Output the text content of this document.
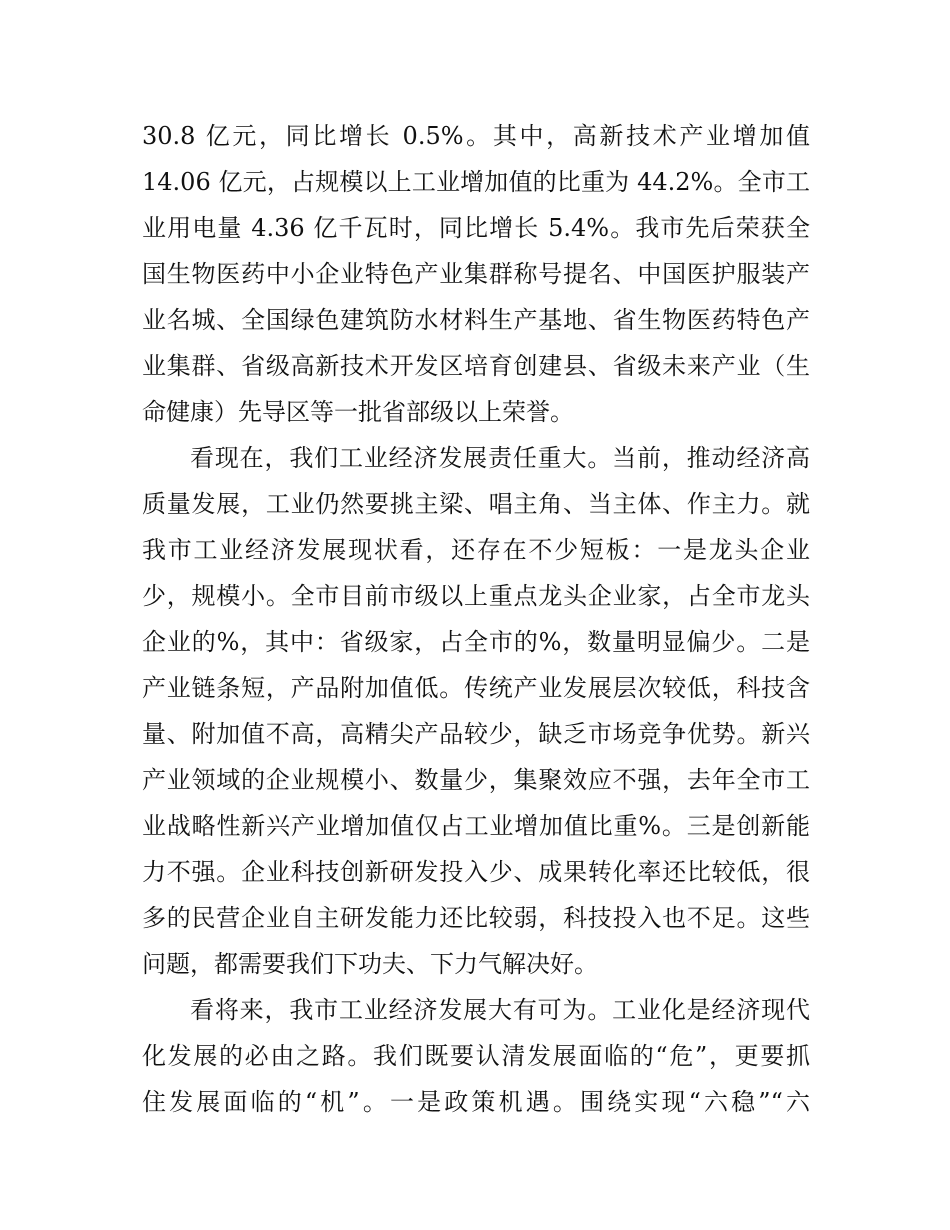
30.8 亿元，同比增长 0.5%。其中，高新技术产业增加值
14.06 亿元，占规模以上工业增加值的比重为 44.2%。全市工
业用电量 4.36 亿千瓦时，同比增长 5.4%。我市先后荣获全
国生物医药中小企业特色产业集群称号提名、中国医护服装产
业名城、全国绿色建筑防水材料生产基地、省生物医药特色产
业集群、省级高新技术开发区培育创建县、省级未来产业（生
命健康）先导区等一批省部级以上荣誉。
看现在，我们工业经济发展责任重大。当前，推动经济高
质量发展，工业仍然要挑主梁、唱主角、当主体、作主力。就
我市工业经济发展现状看，还存在不少短板：一是龙头企业
少，规模小。全市目前市级以上重点龙头企业家，占全市龙头
企业的%，其中：省级家，占全市的%，数量明显偏少。二是
产业链条短，产品附加值低。传统产业发展层次较低，科技含
量、附加值不高，高精尖产品较少，缺乏市场竞争优势。新兴
产业领域的企业规模小、数量少，集聚效应不强，去年全市工
业战略性新兴产业增加值仅占工业增加值比重%。三是创新能
力不强。企业科技创新研发投入少、成果转化率还比较低，很
多的民营企业自主研发能力还比较弱，科技投入也不足。这些
问题，都需要我们下功夫、下力气解决好。
看将来，我市工业经济发展大有可为。工业化是经济现代
化发展的必由之路。我们既要认清发展面临的“危”，更要抓
住发展面临的“机”。一是政策机遇。围绕实现“六稳”“六
